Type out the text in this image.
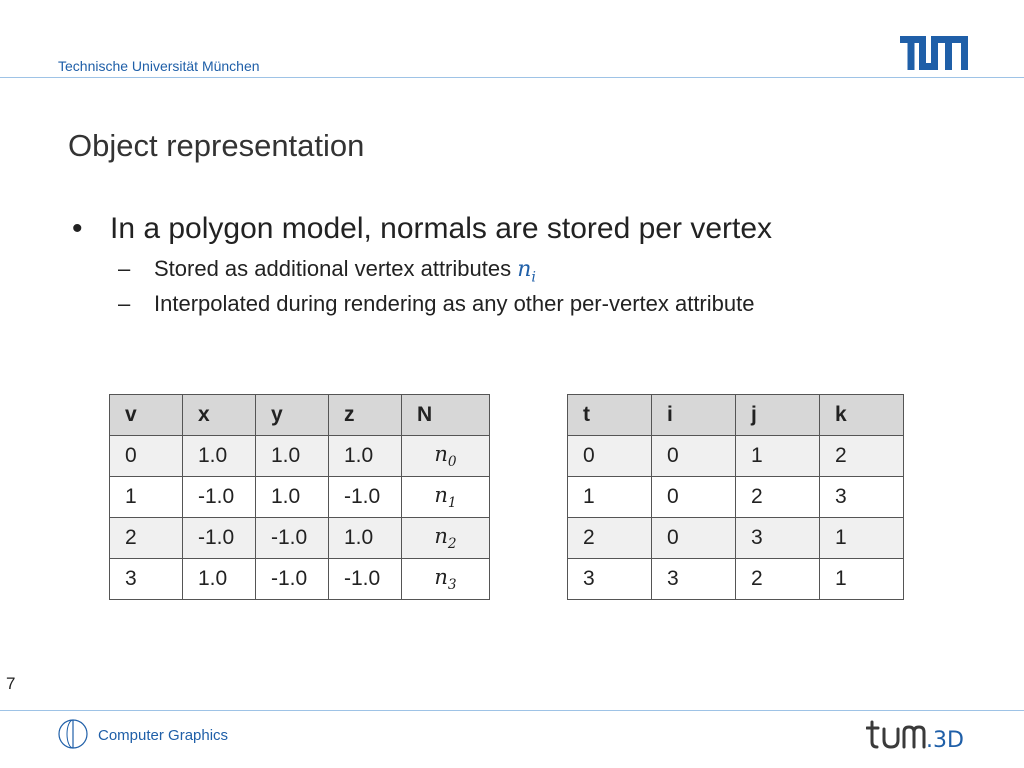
Technische Universität München
Object representation
• In a polygon model, normals are stored per vertex
– Stored as additional vertex attributes $n_i$
– Interpolated during rendering as any other per-vertex attribute
v	x	y	z	N
0	1.0	1.0	1.0	$n_0$
1	-1.0	1.0	-1.0	$n_1$
2	-1.0	-1.0	1.0	$n_2$
3	1.0	-1.0	-1.0	$n_3$
t	i	j	k
0	0	1	2
1	0	2	3
2	0	3	1
3	3	2	1
7
Computer Graphics	.3D
